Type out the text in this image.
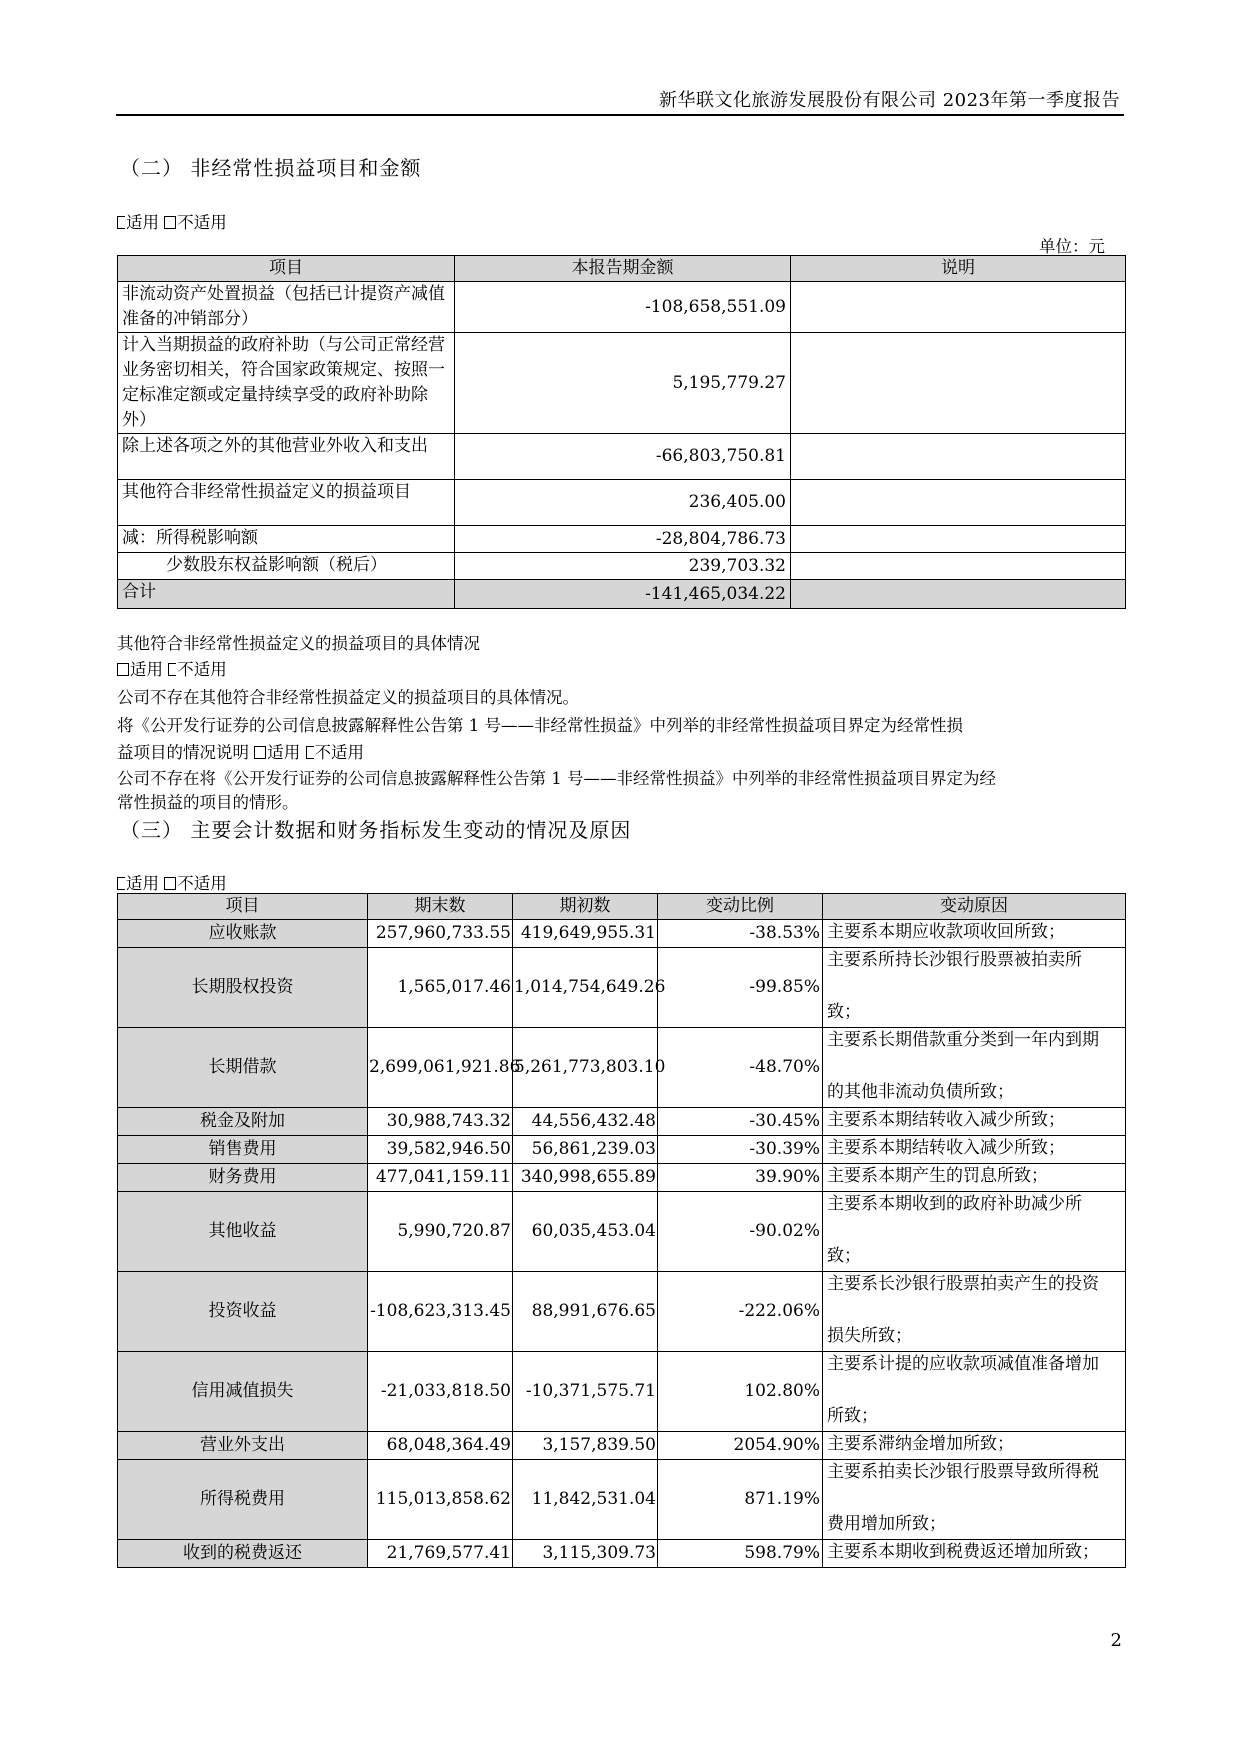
新华联文化旅游发展股份有限公司 2023年第一季度报告
（二） 非经常性损益项目和金额
适用 不适用
单位：元
项目	本报告期金额	说明
非流动资产处置损益（包括已计提资产减值准备的冲销部分）	-108,658,551.09	
计入当期损益的政府补助（与公司正常经营业务密切相关，符合国家政策规定、按照一定标准定额或定量持续享受的政府补助除外）	5,195,779.27	
除上述各项之外的其他营业外收入和支出	-66,803,750.81	
其他符合非经常性损益定义的损益项目	236,405.00	
减：所得税影响额	-28,804,786.73	
少数股东权益影响额（税后）	239,703.32	
合计	-141,465,034.22	
其他符合非经常性损益定义的损益项目的具体情况
适用 不适用
公司不存在其他符合非经常性损益定义的损益项目的具体情况。
将《公开发行证券的公司信息披露解释性公告第 1 号——非经常性损益》中列举的非经常性损益项目界定为经常性损
益项目的情况说明 适用 不适用
公司不存在将《公开发行证券的公司信息披露解释性公告第 1 号——非经常性损益》中列举的非经常性损益项目界定为经
常性损益的项目的情形。
（三） 主要会计数据和财务指标发生变动的情况及原因
适用 不适用
项目	期末数	期初数	变动比例	变动原因
应收账款	257,960,733.55	419,649,955.31	-38.53%	主要系本期应收款项收回所致；

长期股权投资	1,565,017.46	1,014,754,649.26	-99.85%	主要系所持长沙银行股票被拍卖所
致；

长期借款	2,699,061,921.86	5,261,773,803.10	-48.70%	主要系长期借款重分类到一年内到期
的其他非流动负债所致；

税金及附加	30,988,743.32	44,556,432.48	-30.45%	主要系本期结转收入减少所致；

销售费用	39,582,946.50	56,861,239.03	-30.39%	主要系本期结转收入减少所致；

财务费用	477,041,159.11	340,998,655.89	39.90%	主要系本期产生的罚息所致；

其他收益	5,990,720.87	60,035,453.04	-90.02%	主要系本期收到的政府补助减少所
致；

投资收益	-108,623,313.45	88,991,676.65	-222.06%	主要系长沙银行股票拍卖产生的投资
损失所致；

信用减值损失	-21,033,818.50	-10,371,575.71	102.80%	主要系计提的应收款项减值准备增加
所致；

营业外支出	68,048,364.49	3,157,839.50	2054.90%	主要系滞纳金增加所致；

所得税费用	115,013,858.62	11,842,531.04	871.19%	主要系拍卖长沙银行股票导致所得税
费用增加所致；

收到的税费返还	21,769,577.41	3,115,309.73	598.79%	主要系本期收到税费返还增加所致；
2
